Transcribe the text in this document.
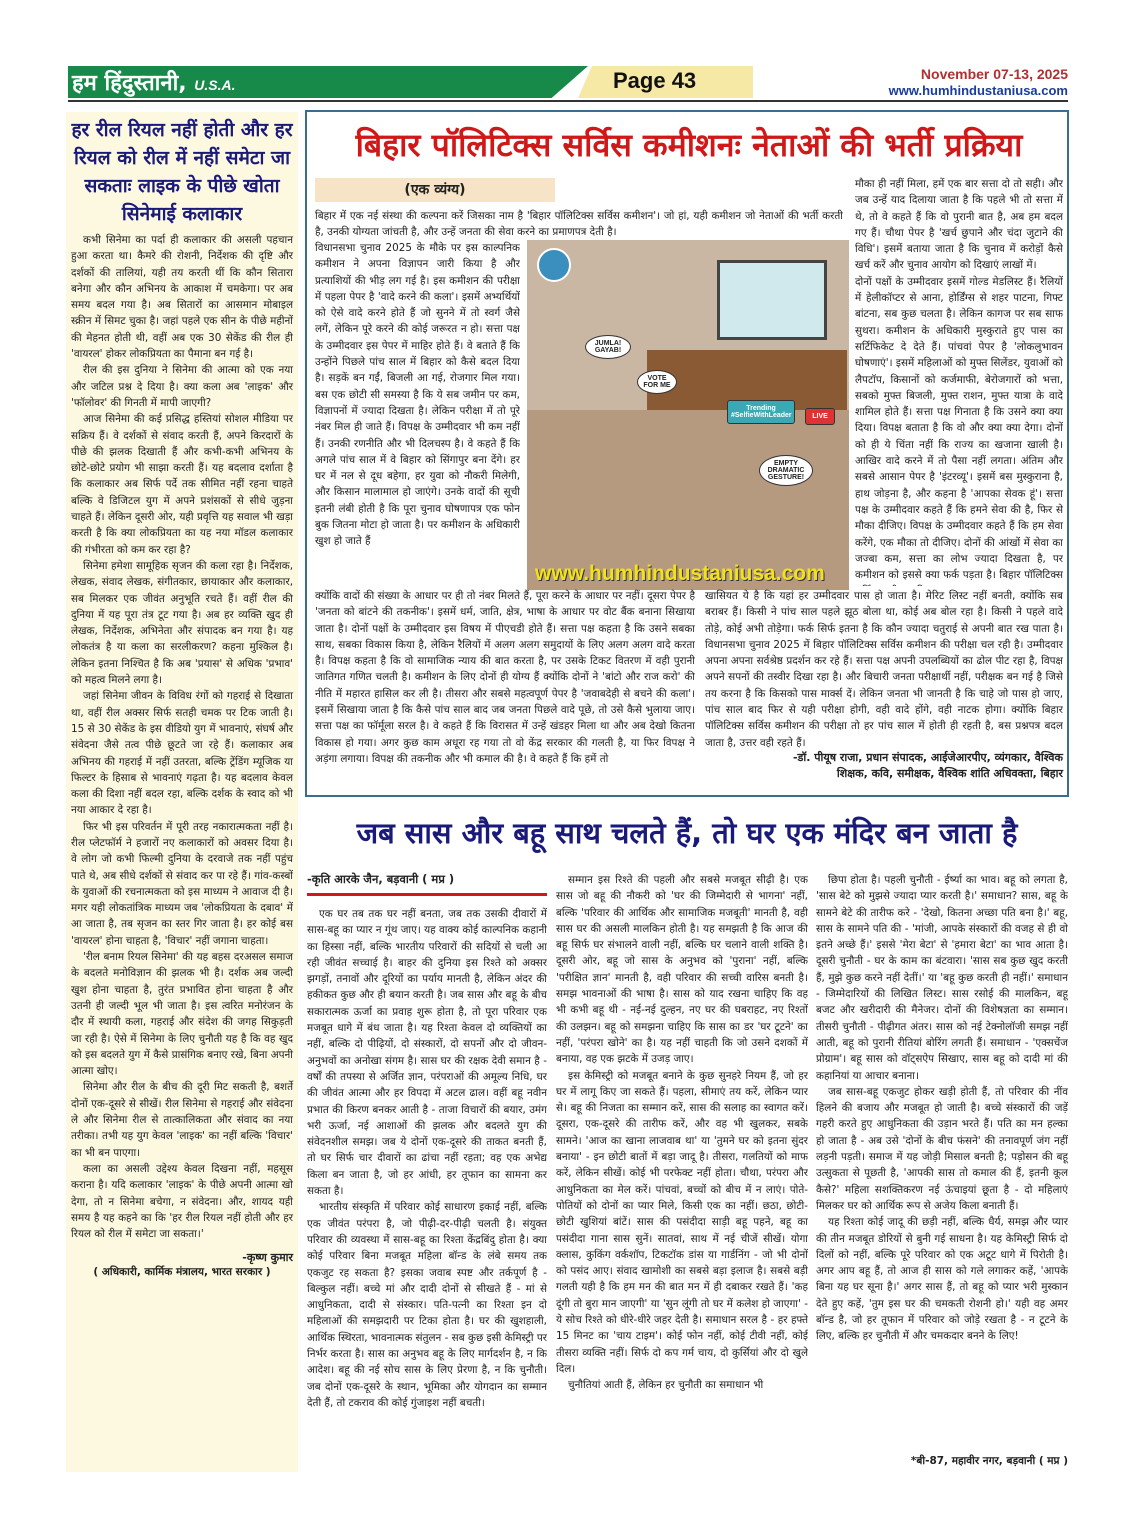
हम हिंदुस्तानी, U.S.A.	Page 43	November 07-13, 2025
www.humhindustaniusa.com
हर रील रियल नहीं होती और हर रियल को रील में नहीं समेटा जा सकताः लाइक के पीछे खोता सिनेमाई कलाकार

कभी सिनेमा का पर्दा ही कलाकार की असली पहचान हुआ करता था। कैमरे की रोशनी, निर्देशक की दृष्टि और दर्शकों की तालियां, यही तय करती थीं कि कौन सितारा बनेगा और कौन अभिनय के आकाश में चमकेगा। पर अब समय बदल गया है। अब सितारों का आसमान मोबाइल स्क्रीन में सिमट चुका है। जहां पहले एक सीन के पीछे महीनों की मेहनत होती थी, वहीं अब एक 30 सेकेंड की रील ही 'वायरल' होकर लोकप्रियता का पैमाना बन गई है।

रील की इस दुनिया ने सिनेमा की आत्मा को एक नया और जटिल प्रश्न दे दिया है। क्या कला अब 'लाइक' और 'फॉलोवर' की गिनती में मापी जाएगी?

आज सिनेमा की कई प्रसिद्ध हस्तियां सोशल मीडिया पर सक्रिय हैं। वे दर्शकों से संवाद करती हैं, अपने किरदारों के पीछे की झलक दिखाती हैं और कभी-कभी अभिनय के छोटे-छोटे प्रयोग भी साझा करती हैं। यह बदलाव दर्शाता है कि कलाकार अब सिर्फ पर्दे तक सीमित नहीं रहना चाहते बल्कि वे डिजिटल युग में अपने प्रशंसकों से सीधे जुड़ना चाहते हैं। लेकिन दूसरी ओर, यही प्रवृत्ति यह सवाल भी खड़ा करती है कि क्या लोकप्रियता का यह नया मॉडल कलाकार की गंभीरता को कम कर रहा है?

सिनेमा हमेशा सामूहिक सृजन की कला रहा है। निर्देशक, लेखक, संवाद लेखक, संगीतकार, छायाकार और कलाकार, सब मिलकर एक जीवंत अनुभूति रचते हैं। वहीं रील की दुनिया में यह पूरा तंत्र टूट गया है। अब हर व्यक्ति खुद ही लेखक, निर्देशक, अभिनेता और संपादक बन गया है। यह लोकतंत्र है या कला का सरलीकरण? कहना मुश्किल है। लेकिन इतना निश्चित है कि अब 'प्रयास' से अधिक 'प्रभाव' को महत्व मिलने लगा है।

जहां सिनेमा जीवन के विविध रंगों को गहराई से दिखाता था, वहीं रील अक्सर सिर्फ सतही चमक पर टिक जाती है। 15 से 30 सेकेंड के इस वीडियो युग में भावनाएं, संघर्ष और संवेदना जैसे तत्व पीछे छूटते जा रहे हैं। कलाकार अब अभिनय की गहराई में नहीं उतरता, बल्कि ट्रेंडिंग म्यूजिक या फिल्टर के हिसाब से भावनाएं गढ़ता है। यह बदलाव केवल कला की दिशा नहीं बदल रहा, बल्कि दर्शक के स्वाद को भी नया आकार दे रहा है।

फिर भी इस परिवर्तन में पूरी तरह नकारात्मकता नहीं है। रील प्लेटफॉर्म ने हजारों नए कलाकारों को अवसर दिया है। वे लोग जो कभी फिल्मी दुनिया के दरवाजे तक नहीं पहुंच पाते थे, अब सीधे दर्शकों से संवाद कर पा रहे हैं। गांव-कस्बों के युवाओं की रचनात्मकता को इस माध्यम ने आवाज दी है। मगर यही लोकतांत्रिक माध्यम जब 'लोकप्रियता के दबाव' में आ जाता है, तब सृजन का स्तर गिर जाता है। हर कोई बस 'वायरल' होना चाहता है, 'विचार' नहीं जगाना चाहता।

'रील बनाम रियल सिनेमा' की यह बहस दरअसल समाज के बदलते मनोविज्ञान की झलक भी है। दर्शक अब जल्दी खुश होना चाहता है, तुरंत प्रभावित होना चाहता है और उतनी ही जल्दी भूल भी जाता है। इस त्वरित मनोरंजन के दौर में स्थायी कला, गहराई और संदेश की जगह सिकुड़ती जा रही है। ऐसे में सिनेमा के लिए चुनौती यह है कि वह खुद को इस बदलते युग में कैसे प्रासंगिक बनाए रखे, बिना अपनी आत्मा खोए।

सिनेमा और रील के बीच की दूरी मिट सकती है, बशर्ते दोनों एक-दूसरे से सीखें। रील सिनेमा से गहराई और संवेदना ले और सिनेमा रील से तात्कालिकता और संवाद का नया तरीका। तभी यह युग केवल 'लाइक' का नहीं बल्कि 'विचार' का भी बन पाएगा।

कला का असली उद्देश्य केवल दिखना नहीं, महसूस कराना है। यदि कलाकार 'लाइक' के पीछे अपनी आत्मा खो देगा, तो न सिनेमा बचेगा, न संवेदना। और, शायद यही समय है यह कहने का कि 'हर रील रियल नहीं होती और हर रियल को रील में समेटा जा सकता।'

-कृष्ण कुमार
( अधिकारी, कार्मिक मंत्रालय, भारत सरकार )
बिहार पॉलिटिक्स सर्विस कमीशनः नेताओं की भर्ती प्रक्रिया
(एक व्यंग्य)
बिहार में एक नई संस्था की कल्पना करें जिसका नाम है 'बिहार पॉलिटिक्स सर्विस कमीशन'। जो हां, यही कमीशन जो नेताओं की भर्ती करती है, उनकी योग्यता जांचती है, और उन्हें जनता की सेवा करने का प्रमाणपत्र देती है।
विधानसभा चुनाव 2025 के मौके पर इस काल्पनिक कमीशन ने अपना विज्ञापन जारी किया है और प्रत्याशियों की भीड़ लग गई है। इस कमीशन की परीक्षा में पहला पेपर है 'वादे करने की कला'। इसमें अभ्यर्थियों को ऐसे वादे करने होते हैं जो सुनने में तो स्वर्ग जैसे लगें, लेकिन पूरे करने की कोई जरूरत न हो। सत्ता पक्ष के उम्मीदवार इस पेपर में माहिर होते हैं। वे बताते हैं कि उन्होंने पिछले पांच साल में बिहार को कैसे बदल दिया है। सड़कें बन गईं, बिजली आ गई, रोजगार मिल गया। बस एक छोटी सी समस्या है कि ये सब जमीन पर कम, विज्ञापनों में ज्यादा दिखता है। लेकिन परीक्षा में तो पूरे नंबर मिल ही जाते हैं। विपक्ष के उम्मीदवार भी कम नहीं हैं। उनकी रणनीति और भी दिलचस्प है। वे कहते हैं कि अगले पांच साल में वे बिहार को सिंगापुर बना देंगे। हर घर में नल से दूध बहेगा, हर युवा को नौकरी मिलेगी, और किसान मालामाल हो जाएंगे। उनके वादों की सूची इतनी लंबी होती है कि पूरा चुनाव घोषणापत्र एक फोन बुक जितना मोटा हो जाता है। पर कमीशन के अधिकारी खुश हो जाते हैं
JUMLA! GAYAB!
VOTE FOR ME
EMPTY DRAMATIC GESTURE!
Trending #SelfieWithLeader	LIVE
www.humhindustaniusa.com
मौका ही नहीं मिला, हमें एक बार सत्ता दो तो सही। और जब उन्हें याद दिलाया जाता है कि पहले भी तो सत्ता में थे, तो वे कहते हैं कि वो पुरानी बात है, अब हम बदल गए हैं। चौथा पेपर है 'खर्च छुपाने और चंदा जुटाने की विधि'। इसमें बताया जाता है कि चुनाव में करोड़ों कैसे खर्च करें और चुनाव आयोग को दिखाएं लाखों में।
दोनों पक्षों के उम्मीदवार इसमें गोल्ड मेडलिस्ट हैं। रैलियों में हेलीकॉप्टर से आना, होर्डिंग्स से शहर पाटना, गिफ्ट बांटना, सब कुछ चलता है। लेकिन कागज पर सब साफ सुथरा। कमीशन के अधिकारी मुस्कुराते हुए पास का सर्टिफिकेट दे देते हैं। पांचवां पेपर है 'लोकलुभावन घोषणाएं'। इसमें महिलाओं को मुफ्त सिलेंडर, युवाओं को लैपटॉप, किसानों को कर्जमाफी, बेरोजगारों को भत्ता, सबको मुफ्त बिजली, मुफ्त राशन, मुफ्त यात्रा के वादे शामिल होते हैं। सत्ता पक्ष गिनाता है कि उसने क्या क्या दिया। विपक्ष बताता है कि वो और क्या क्या देगा। दोनों को ही ये चिंता नहीं कि राज्य का खजाना खाली है। आखिर वादे करने में तो पैसा नहीं लगता। अंतिम और सबसे आसान पेपर है 'इंटरव्यू'। इसमें बस मुस्कुराना है, हाथ जोड़ना है, और कहना है 'आपका सेवक हूं'। सत्ता पक्ष के उम्मीदवार कहते हैं कि हमने सेवा की है, फिर से मौका दीजिए। विपक्ष के उम्मीदवार कहते हैं कि हम सेवा करेंगे, एक मौका तो दीजिए। दोनों की आंखों में सेवा का जज्बा कम, सत्ता का लोभ ज्यादा दिखता है, पर कमीशन को इससे क्या फर्क पड़ता है। बिहार पॉलिटिक्स
क्योंकि वादों की संख्या के आधार पर ही तो नंबर मिलते हैं, पूरा करने के आधार पर नहीं। दूसरा पेपर है 'जनता को बांटने की तकनीक'। इसमें धर्म, जाति, क्षेत्र, भाषा के आधार पर वोट बैंक बनाना सिखाया जाता है। दोनों पक्षों के उम्मीदवार इस विषय में पीएचडी होते हैं। सत्ता पक्ष कहता है कि उसने सबका साथ, सबका विकास किया है, लेकिन रैलियों में अलग अलग समुदायों के लिए अलग अलग वादे करता है। विपक्ष कहता है कि वो सामाजिक न्याय की बात करता है, पर उसके टिकट वितरण में वही पुरानी जातिगत गणित चलती है। कमीशन के लिए दोनों ही योग्य हैं क्योंकि दोनों ने 'बांटो और राज करो' की नीति में महारत हासिल कर ली है। तीसरा और सबसे महत्वपूर्ण पेपर है 'जवाबदेही से बचने की कला'। इसमें सिखाया जाता है कि कैसे पांच साल बाद जब जनता पिछले वादे पूछे, तो उसे कैसे भुलाया जाए। सत्ता पक्ष का फॉर्मूला सरल है। वे कहते हैं कि विरासत में उन्हें खंडहर मिला था और अब देखो कितना विकास हो गया। अगर कुछ काम अधूरा रह गया तो वो केंद्र सरकार की गलती है, या फिर विपक्ष ने अड़ंगा लगाया। विपक्ष की तकनीक और भी कमाल की है। वे कहते हैं कि हमें तो
खासियत ये है कि यहां हर उम्मीदवार पास हो जाता है। मेरिट लिस्ट नहीं बनती, क्योंकि सब बराबर हैं। किसी ने पांच साल पहले झूठ बोला था, कोई अब बोल रहा है। किसी ने पहले वादे तोड़े, कोई अभी तोड़ेगा। फर्क सिर्फ इतना है कि कौन ज्यादा चतुराई से अपनी बात रख पाता है। विधानसभा चुनाव 2025 में बिहार पॉलिटिक्स सर्विस कमीशन की परीक्षा चल रही है। उम्मीदवार अपना अपना सर्वश्रेष्ठ प्रदर्शन कर रहे हैं। सत्ता पक्ष अपनी उपलब्धियों का ढोल पीट रहा है, विपक्ष अपने सपनों की तस्वीर दिखा रहा है। और बिचारी जनता परीक्षार्थी नहीं, परीक्षक बन गई है जिसे तय करना है कि किसको पास मार्क्स दें। लेकिन जनता भी जानती है कि चाहे जो पास हो जाए, पांच साल बाद फिर से यही परीक्षा होगी, वही वादे होंगे, वही नाटक होगा। क्योंकि बिहार पॉलिटिक्स सर्विस कमीशन की परीक्षा तो हर पांच साल में होती ही रहती है, बस प्रश्नपत्र बदल जाता है, उत्तर वही रहते हैं।
-डॉ. पीयूष राजा, प्रधान संपादक, आईजेआरपीए, व्यंगकार, वैश्विक
शिक्षक, कवि, समीक्षक, वैश्विक शांति अधिवक्ता, बिहार
जब सास और बहू साथ चलते हैं, तो घर एक मंदिर बन जाता है
-कृति आरके जैन, बड़वानी ( मप्र )

एक घर तब तक घर नहीं बनता, जब तक उसकी दीवारों में सास-बहू का प्यार न गूंथ जाए। यह वाक्य कोई काल्पनिक कहानी का हिस्सा नहीं, बल्कि भारतीय परिवारों की सदियों से चली आ रही जीवंत सच्चाई है। बाहर की दुनिया इस रिश्ते को अक्सर झगड़ों, तनावों और दूरियों का पर्याय मानती है, लेकिन अंदर की हकीकत कुछ और ही बयान करती है। जब सास और बहू के बीच सकारात्मक ऊर्जा का प्रवाह शुरू होता है, तो पूरा परिवार एक मजबूत धागे में बंध जाता है। यह रिश्ता केवल दो व्यक्तियों का नहीं, बल्कि दो पीढ़ियों, दो संस्कारों, दो सपनों और दो जीवन-अनुभवों का अनोखा संगम है। सास घर की रक्षक देवी समान है - वर्षों की तपस्या से अर्जित ज्ञान, परंपराओं की अमूल्य निधि, घर की जीवंत आत्मा और हर विपदा में अटल ढाल। वहीं बहू नवीन प्रभात की किरण बनकर आती है - ताजा विचारों की बयार, उमंग भरी ऊर्जा, नई आशाओं की झलक और बदलते युग की संवेदनशील समझ। जब ये दोनों एक-दूसरे की ताकत बनती हैं, तो घर सिर्फ चार दीवारों का ढांचा नहीं रहता; वह एक अभेद्य किला बन जाता है, जो हर आंधी, हर तूफान का सामना कर सकता है।

भारतीय संस्कृति में परिवार कोई साधारण इकाई नहीं, बल्कि एक जीवंत परंपरा है, जो पीढ़ी-दर-पीढ़ी चलती है। संयुक्त परिवार की व्यवस्था में सास-बहू का रिश्ता केंद्रबिंदु होता है। क्या कोई परिवार बिना मजबूत महिला बॉन्ड के लंबे समय तक एकजुट रह सकता है? इसका जवाब स्पष्ट और तर्कपूर्ण है - बिल्कुल नहीं। बच्चे मां और दादी दोनों से सीखते हैं - मां से आधुनिकता, दादी से संस्कार। पति-पत्नी का रिश्ता इन दो महिलाओं की समझदारी पर टिका होता है। घर की खुशहाली, आर्थिक स्थिरता, भावनात्मक संतुलन - सब कुछ इसी केमिस्ट्री पर निर्भर करता है। सास का अनुभव बहू के लिए मार्गदर्शन है, न कि आदेश। बहू की नई सोच सास के लिए प्रेरणा है, न कि चुनौती। जब दोनों एक-दूसरे के स्थान, भूमिका और योगदान का सम्मान देती हैं, तो टकराव की कोई गुंजाइश नहीं बचती।

सम्मान इस रिश्ते की पहली और सबसे मजबूत सीढ़ी है। एक सास जो बहू की नौकरी को 'घर की जिम्मेदारी से भागना' नहीं, बल्कि 'परिवार की आर्थिक और सामाजिक मजबूती' मानती है, वही सास घर की असली मालकिन होती है। यह समझती है कि आज की बहू सिर्फ घर संभालने वाली नहीं, बल्कि घर चलाने वाली शक्ति है। दूसरी ओर, बहू जो सास के अनुभव को 'पुराना' नहीं, बल्कि 'परीक्षित ज्ञान' मानती है, वही परिवार की सच्ची वारिस बनती है। समझ भावनाओं की भाषा है। सास को याद रखना चाहिए कि वह भी कभी बहू थी - नई-नई दुल्हन, नए घर की घबराहट, नए रिश्तों की उलझन। बहू को समझना चाहिए कि सास का डर 'घर टूटने' का नहीं, 'परंपरा खोने' का है। यह नहीं चाहती कि जो उसने दशकों में बनाया, वह एक झटके में उजड़ जाए।

इस केमिस्ट्री को मजबूत बनाने के कुछ सुनहरे नियम हैं, जो हर घर में लागू किए जा सकते हैं। पहला, सीमाएं तय करें, लेकिन प्यार से। बहू की निजता का सम्मान करें, सास की सलाह का स्वागत करें। दूसरा, एक-दूसरे की तारीफ करें, और वह भी खुलकर, सबके सामने। 'आज का खाना लाजवाब था' या 'तुमने घर को इतना सुंदर बनाया' - इन छोटी बातों में बड़ा जादू है। तीसरा, गलतियों को माफ करें, लेकिन सीखें। कोई भी परफेक्ट नहीं होता। चौथा, परंपरा और आधुनिकता का मेल करें। पांचवां, बच्चों को बीच में न लाएं। पोते-पोतियों को दोनों का प्यार मिले, किसी एक का नहीं। छठा, छोटी-छोटी खुशियां बांटें। सास की पसंदीदा साड़ी बहू पहने, बहू का पसंदीदा गाना सास सुनें। सातवां, साथ में नई चीजें सीखें। योगा क्लास, कुकिंग वर्कशॉप, टिकटॉक डांस या गार्डनिंग - जो भी दोनों को पसंद आए। संवाद खामोशी का सबसे बड़ा इलाज है। सबसे बड़ी गलती यही है कि हम मन की बात मन में ही दबाकर रखते हैं। 'कह दूंगी तो बुरा मान जाएगी' या 'सुन लूंगी तो घर में कलेश हो जाएगा' - ये सोच रिश्ते को धीरे-धीरे जहर देती है। समाधान सरल है - हर हफ्ते 15 मिनट का 'चाय टाइम'। कोई फोन नहीं, कोई टीवी नहीं, कोई तीसरा व्यक्ति नहीं। सिर्फ दो कप गर्म चाय, दो कुर्सियां और दो खुले दिल।

चुनौतियां आती हैं, लेकिन हर चुनौती का समाधान भी

छिपा होता है। पहली चुनौती - ईर्ष्या का भाव। बहू को लगता है, 'सास बेटे को मुझसे ज्यादा प्यार करती है।' समाधान? सास, बहू के सामने बेटे की तारीफ करे - 'देखो, कितना अच्छा पति बना है।' बहू, सास के सामने पति की - 'मांजी, आपके संस्कारों की वजह से ही वो इतने अच्छे हैं।' इससे 'मेरा बेटा' से 'हमारा बेटा' का भाव आता है। दूसरी चुनौती - घर के काम का बंटवारा। 'सास सब कुछ खुद करती हैं, मुझे कुछ करने नहीं देतीं।' या 'बहू कुछ करती ही नहीं।' समाधान - जिम्मेदारियों की लिखित लिस्ट। सास रसोई की मालकिन, बहू बजट और खरीदारी की मैनेजर। दोनों की विशेषज्ञता का सम्मान। तीसरी चुनौती - पीढ़ीगत अंतर। सास को नई टेक्नोलॉजी समझ नहीं आती, बहू को पुरानी रीतियां बोरिंग लगती हैं। समाधान - 'एक्सचेंज प्रोग्राम'। बहू सास को वॉट्सऐप सिखाए, सास बहू को दादी मां की कहानियां या आचार बनाना।

जब सास-बहू एकजुट होकर खड़ी होती हैं, तो परिवार की नींव हिलने की बजाय और मजबूत हो जाती है। बच्चे संस्कारों की जड़ें गहरी करते हुए आधुनिकता की उड़ान भरते हैं। पति का मन हल्का हो जाता है - अब उसे 'दोनों के बीच फंसने' की तनावपूर्ण जंग नहीं लड़नी पड़ती। समाज में यह जोड़ी मिसाल बनती है; पड़ोसन की बहू उत्सुकता से पूछती है, 'आपकी सास तो कमाल की हैं, इतनी कूल कैसे?' महिला सशक्तिकरण नई ऊंचाइयां छूता है - दो महिलाएं मिलकर घर को आर्थिक रूप से अजेय किला बनाती हैं।

यह रिश्ता कोई जादू की छड़ी नहीं, बल्कि धैर्य, समझ और प्यार की तीन मजबूत डोरियों से बुनी गई साधना है। यह केमिस्ट्री सिर्फ दो दिलों को नहीं, बल्कि पूरे परिवार को एक अटूट धागे में पिरोती है। अगर आप बहू हैं, तो आज ही सास को गले लगाकर कहें, 'आपके बिना यह घर सूना है।' अगर सास हैं, तो बहू को प्यार भरी मुस्कान देते हुए कहें, 'तुम इस घर की चमकती रोशनी हो।' यही वह अमर बॉन्ड है, जो हर तूफान में परिवार को जोड़े रखता है - न टूटने के लिए, बल्कि हर चुनौती में और चमकदार बनने के लिए!

*बी-87, महावीर नगर, बड़वानी ( मप्र )
